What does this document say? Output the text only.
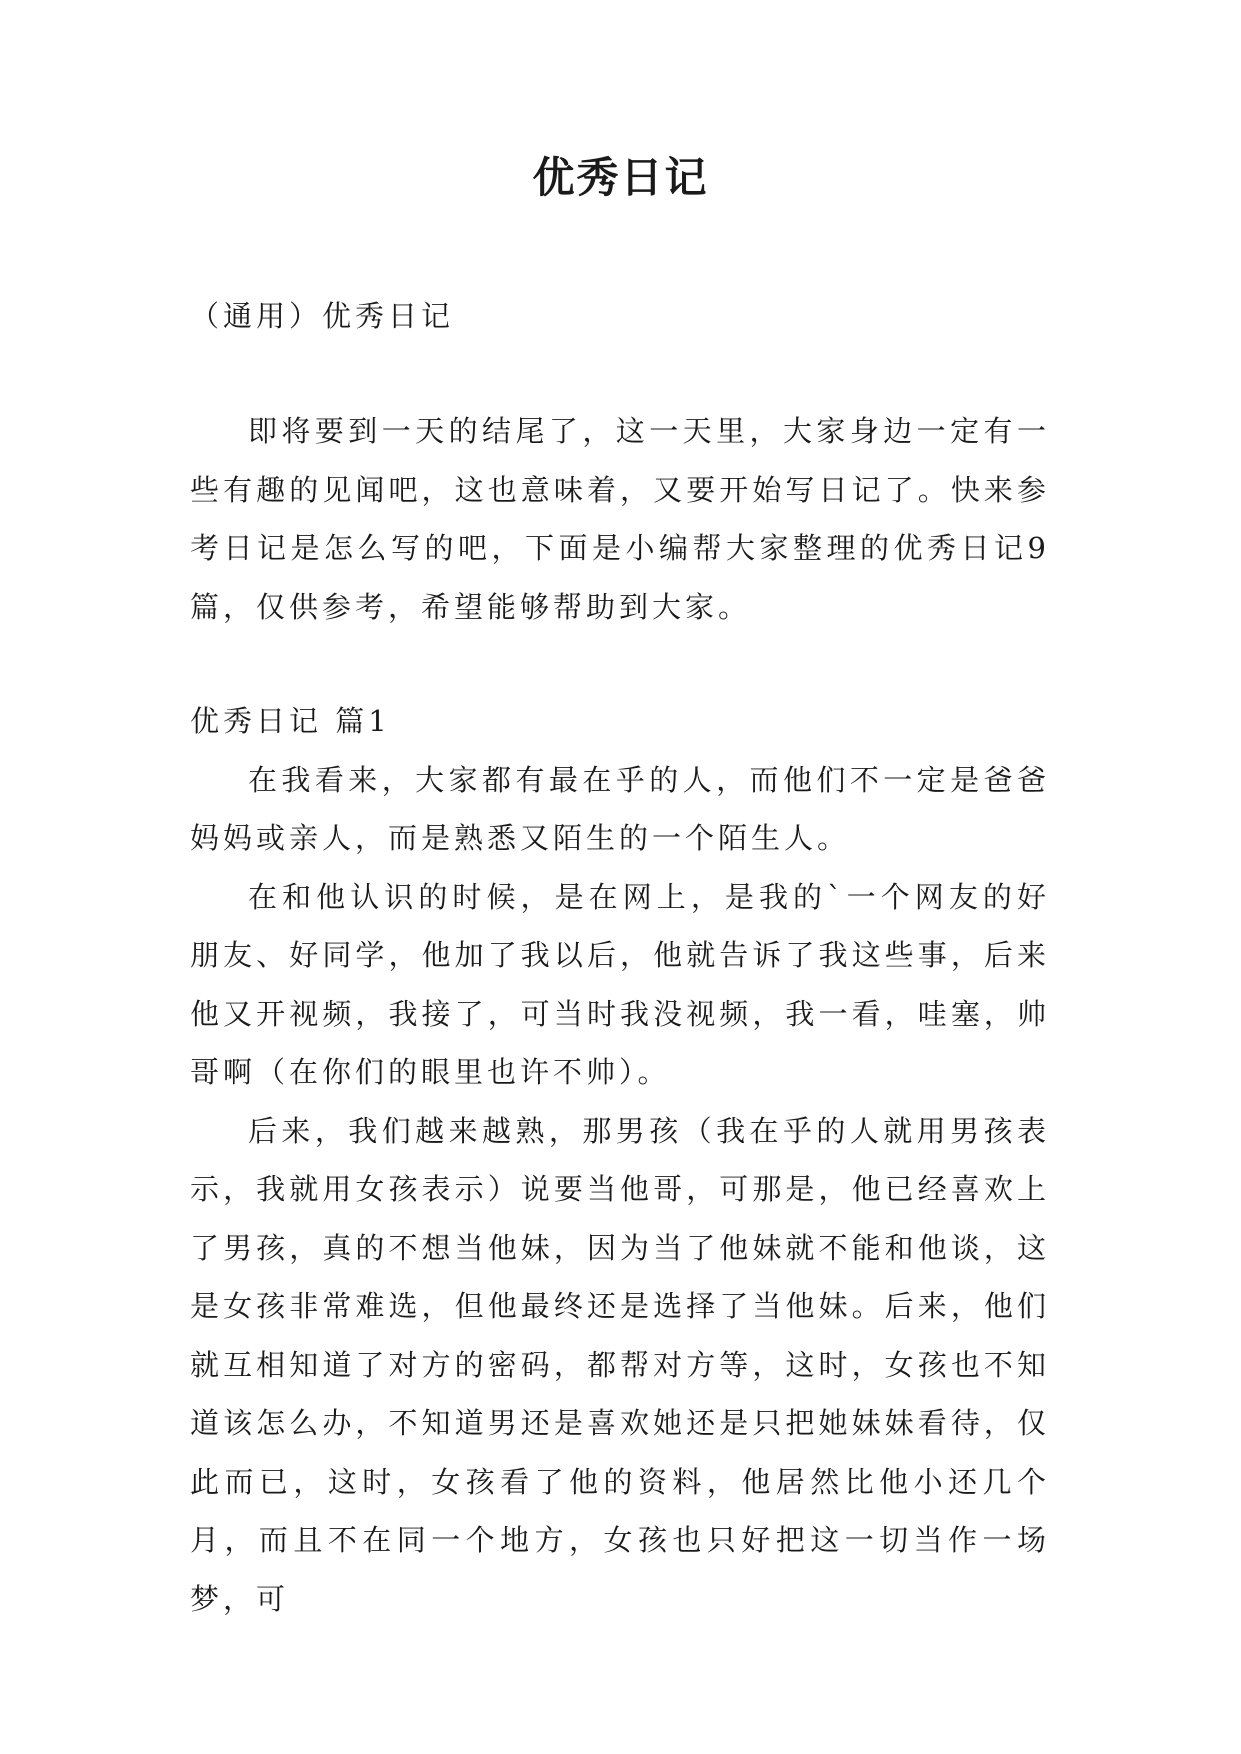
优秀日记

（通用）优秀日记

即将要到一天的结尾了，这一天里，大家身边一定有一些有趣的见闻吧，这也意味着，又要开始写日记了。快来参考日记是怎么写的吧，下面是小编帮大家整理的优秀日记9篇，仅供参考，希望能够帮助到大家。

优秀日记 篇1

在我看来，大家都有最在乎的人，而他们不一定是爸爸妈妈或亲人，而是熟悉又陌生的一个陌生人。

在和他认识的时候，是在网上，是我的`一个网友的好朋友、好同学，他加了我以后，他就告诉了我这些事，后来他又开视频，我接了，可当时我没视频，我一看，哇塞，帅哥啊（在你们的眼里也许不帅）。

后来，我们越来越熟，那男孩（我在乎的人就用男孩表示，我就用女孩表示）说要当他哥，可那是，他已经喜欢上了男孩，真的不想当他妹，因为当了他妹就不能和他谈，这是女孩非常难选，但他最终还是选择了当他妹。后来，他们就互相知道了对方的密码，都帮对方等，这时，女孩也不知道该怎么办，不知道男还是喜欢她还是只把她妹妹看待，仅此而已，这时，女孩看了他的资料，他居然比他小还几个月，而且不在同一个地方，女孩也只好把这一切当作一场梦，可
